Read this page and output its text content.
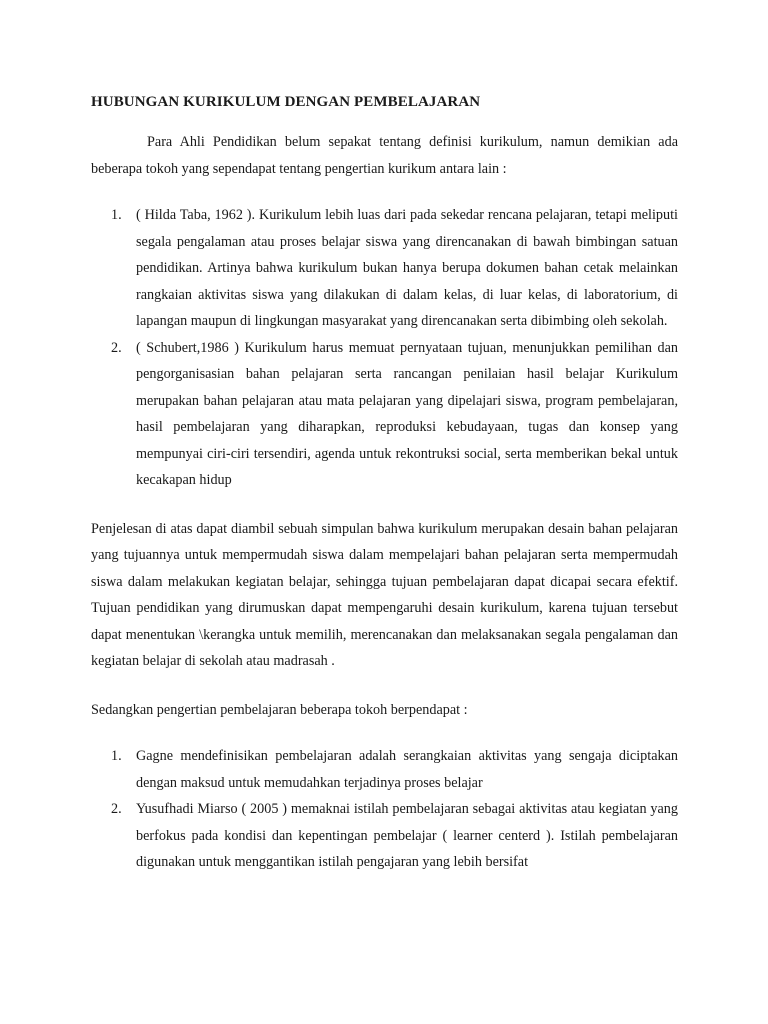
HUBUNGAN KURIKULUM DENGAN PEMBELAJARAN

Para Ahli Pendidikan belum sepakat tentang definisi kurikulum, namun demikian ada beberapa tokoh yang sependapat tentang pengertian kurikum antara lain :

1. ( Hilda Taba, 1962 ). Kurikulum lebih luas dari pada sekedar rencana pelajaran, tetapi meliputi segala pengalaman atau proses belajar siswa yang direncanakan di bawah bimbingan satuan pendidikan. Artinya bahwa kurikulum bukan hanya berupa dokumen bahan cetak melainkan rangkaian aktivitas siswa yang dilakukan di dalam kelas, di luar kelas, di laboratorium, di lapangan maupun di lingkungan masyarakat yang direncanakan serta dibimbing oleh sekolah.
2. ( Schubert,1986 ) Kurikulum harus memuat pernyataan tujuan, menunjukkan pemilihan dan pengorganisasian bahan pelajaran serta rancangan penilaian hasil belajar Kurikulum merupakan bahan pelajaran atau mata pelajaran yang dipelajari siswa, program pembelajaran, hasil pembelajaran yang diharapkan, reproduksi kebudayaan, tugas dan konsep yang mempunyai ciri-ciri tersendiri, agenda untuk rekontruksi social, serta memberikan bekal untuk kecakapan hidup

Penjelesan di atas dapat diambil sebuah simpulan bahwa kurikulum merupakan desain bahan pelajaran yang tujuannya untuk mempermudah siswa dalam mempelajari bahan pelajaran serta mempermudah siswa dalam melakukan kegiatan belajar, sehingga tujuan pembelajaran dapat dicapai secara efektif. Tujuan pendidikan yang dirumuskan dapat mempengaruhi desain kurikulum, karena tujuan tersebut dapat menentukan \kerangka untuk memilih, merencanakan dan melaksanakan segala pengalaman dan kegiatan belajar di sekolah atau madrasah .

Sedangkan pengertian pembelajaran beberapa tokoh berpendapat :

1. Gagne mendefinisikan pembelajaran adalah serangkaian aktivitas yang sengaja diciptakan dengan maksud untuk memudahkan terjadinya proses belajar
2. Yusufhadi Miarso ( 2005 ) memaknai istilah pembelajaran sebagai aktivitas atau kegiatan yang berfokus pada kondisi dan kepentingan pembelajar ( learner centerd ). Istilah pembelajaran digunakan untuk menggantikan istilah pengajaran yang lebih bersifat
